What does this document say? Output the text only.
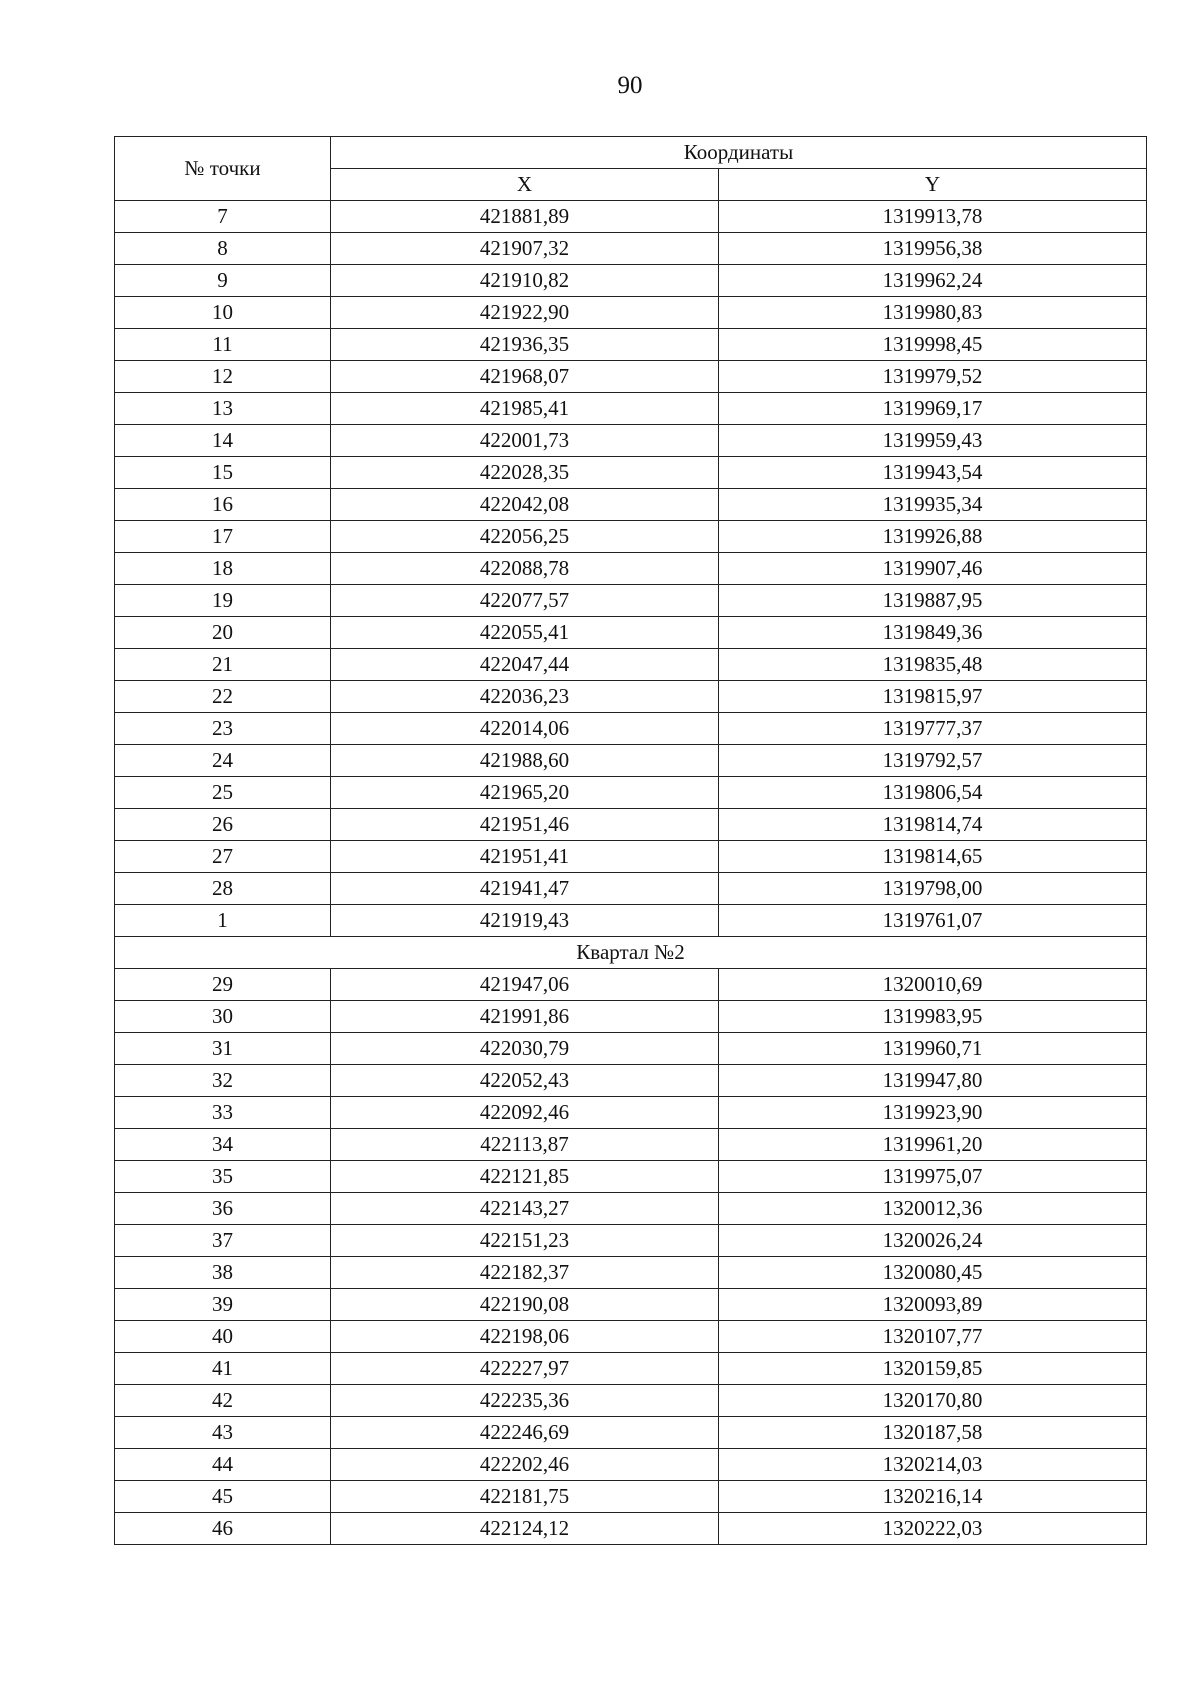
90
№ точки	Координаты	
	X	Y
7	421881,89	1319913,78
8	421907,32	1319956,38
9	421910,82	1319962,24
10	421922,90	1319980,83
11	421936,35	1319998,45
12	421968,07	1319979,52
13	421985,41	1319969,17
14	422001,73	1319959,43
15	422028,35	1319943,54
16	422042,08	1319935,34
17	422056,25	1319926,88
18	422088,78	1319907,46
19	422077,57	1319887,95
20	422055,41	1319849,36
21	422047,44	1319835,48
22	422036,23	1319815,97
23	422014,06	1319777,37
24	421988,60	1319792,57
25	421965,20	1319806,54
26	421951,46	1319814,74
27	421951,41	1319814,65
28	421941,47	1319798,00
1	421919,43	1319761,07
Квартал №2		
29	421947,06	1320010,69
30	421991,86	1319983,95
31	422030,79	1319960,71
32	422052,43	1319947,80
33	422092,46	1319923,90
34	422113,87	1319961,20
35	422121,85	1319975,07
36	422143,27	1320012,36
37	422151,23	1320026,24
38	422182,37	1320080,45
39	422190,08	1320093,89
40	422198,06	1320107,77
41	422227,97	1320159,85
42	422235,36	1320170,80
43	422246,69	1320187,58
44	422202,46	1320214,03
45	422181,75	1320216,14
46	422124,12	1320222,03
